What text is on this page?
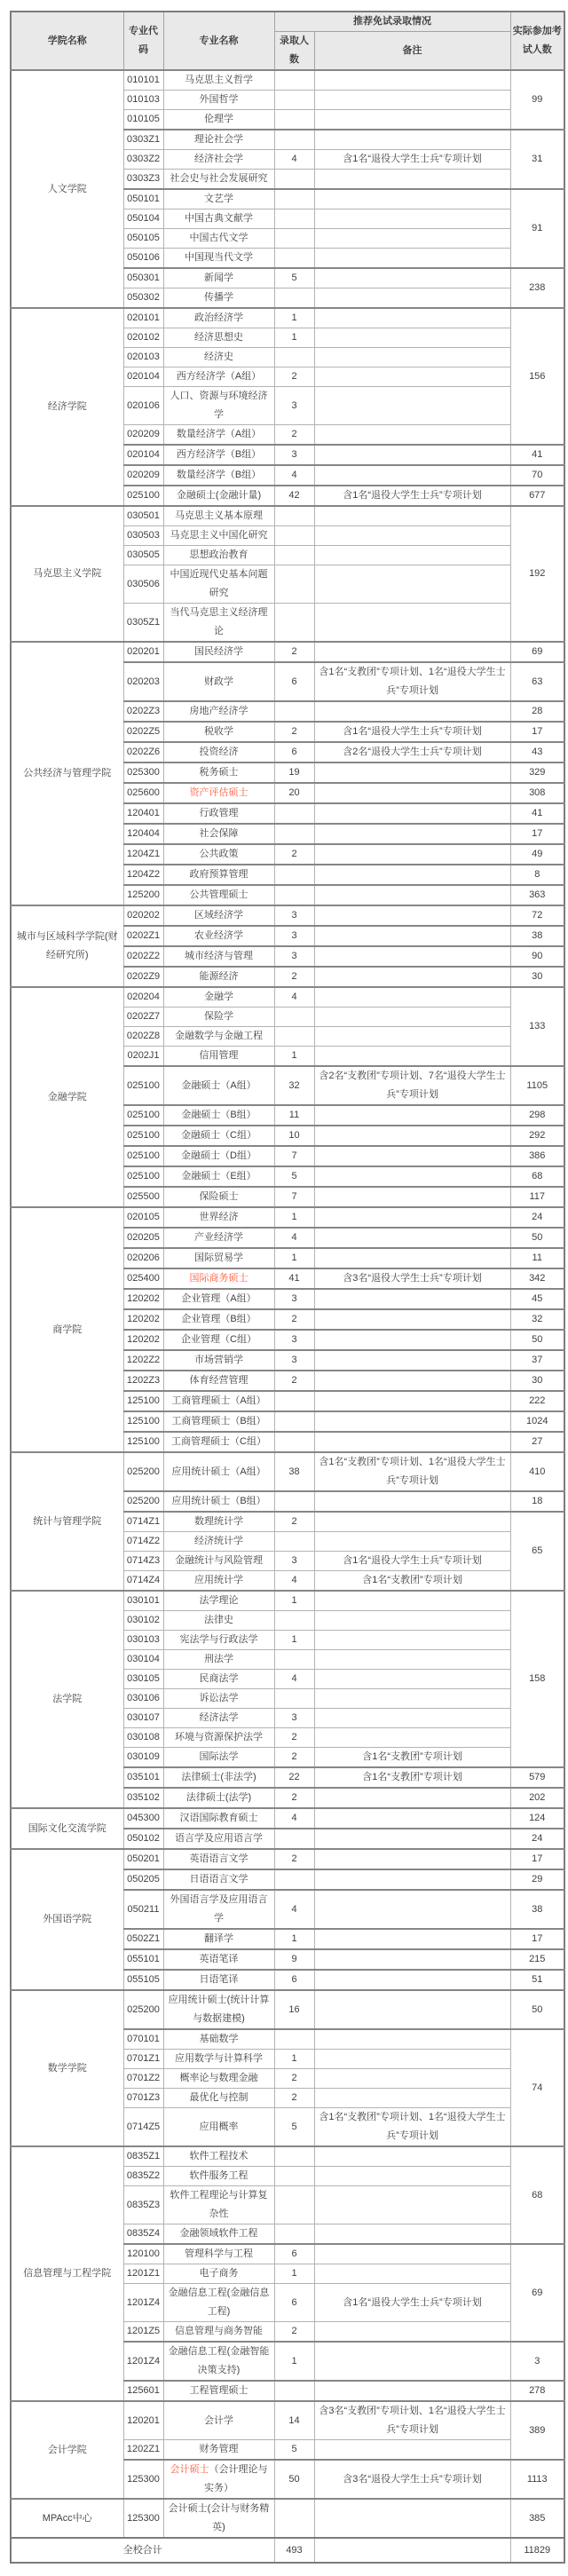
学院名称	专业代码	专业名称	推荐免试录取情况		实际参加考试人数
			录取人数	备注	
人文学院	010101	马克思主义哲学			99
	010103	外国哲学			
	010105	伦理学			
	0303Z1	理论社会学			31
	0303Z2	经济社会学	4	含1名“退役大学生士兵”专项计划	
	0303Z3	社会史与社会发展研究			
	050101	文艺学			91
	050104	中国古典文献学			
	050105	中国古代文学			
	050106	中国现当代文学			
	050301	新闻学	5		238
	050302	传播学			
经济学院	020101	政治经济学	1		156
	020102	经济思想史	1		
	020103	经济史			
	020104	西方经济学（A组）	2		
	020106	人口、资源与环境经济学	3		
	020209	数量经济学（A组）	2		
	020104	西方经济学（B组）	3		41
	020209	数量经济学（B组）	4		70
	025100	金融硕士(金融计量)	42	含1名“退役大学生士兵”专项计划	677
马克思主义学院	030501	马克思主义基本原理			192
	030503	马克思主义中国化研究			
	030505	思想政治教育			
	030506	中国近现代史基本问题研究			
	0305Z1	当代马克思主义经济理论			
公共经济与管理学院	020201	国民经济学	2		69
	020203	财政学	6	含1名“支教团”专项计划、1名“退役大学生士兵”专项计划	63
	0202Z3	房地产经济学			28
	0202Z5	税收学	2	含1名“退役大学生士兵”专项计划	17
	0202Z6	投资经济	6	含2名“退役大学生士兵”专项计划	43
	025300	税务硕士	19		329
	025600	资产评估硕士	20		308
	120401	行政管理			41
	120404	社会保障			17
	1204Z1	公共政策	2		49
	1204Z2	政府预算管理			8
	125200	公共管理硕士			363
城市与区域科学学院(财经研究所)	020202	区域经济学	3		72
	0202Z1	农业经济学	3		38
	0202Z2	城市经济与管理	3		90
	0202Z9	能源经济	2		30
金融学院	020204	金融学	4		133
	0202Z7	保险学			
	0202Z8	金融数学与金融工程			
	0202J1	信用管理	1		
	025100	金融硕士（A组）	32	含2名“支教团”专项计划、7名“退役大学生士兵”专项计划	1105
	025100	金融硕士（B组）	11		298
	025100	金融硕士（C组）	10		292
	025100	金融硕士（D组）	7		386
	025100	金融硕士（E组）	5		68
	025500	保险硕士	7		117
商学院	020105	世界经济	1		24
	020205	产业经济学	4		50
	020206	国际贸易学	1		11
	025400	国际商务硕士	41	含3名“退役大学生士兵”专项计划	342
	120202	企业管理（A组）	3		45
	120202	企业管理（B组）	2		32
	120202	企业管理（C组）	3		50
	1202Z2	市场营销学	3		37
	1202Z3	体育经营管理	2		30
	125100	工商管理硕士（A组）			222
	125100	工商管理硕士（B组）			1024
	125100	工商管理硕士（C组）			27
统计与管理学院	025200	应用统计硕士（A组）	38	含1名“支教团”专项计划、1名“退役大学生士兵”专项计划	410
	025200	应用统计硕士（B组）			18
	0714Z1	数理统计学	2		65
	0714Z2	经济统计学			
	0714Z3	金融统计与风险管理	3	含1名“退役大学生士兵”专项计划	
	0714Z4	应用统计学	4	含1名“支教团”专项计划	
法学院	030101	法学理论	1		158
	030102	法律史			
	030103	宪法学与行政法学	1		
	030104	刑法学			
	030105	民商法学	4		
	030106	诉讼法学			
	030107	经济法学	3		
	030108	环境与资源保护法学	2		
	030109	国际法学	2	含1名“支教团”专项计划	
	035101	法律硕士(非法学)	22	含1名“支教团”专项计划	579
	035102	法律硕士(法学)	2		202
国际文化交流学院	045300	汉语国际教育硕士	4		124
	050102	语言学及应用语言学			24
外国语学院	050201	英语语言文学	2		17
	050205	日语语言文学			29
	050211	外国语言学及应用语言学	4		38
	0502Z1	翻译学	1		17
	055101	英语笔译	9		215
	055105	日语笔译	6		51
数学学院	025200	应用统计硕士(统计计算与数据建模)	16		50
	070101	基础数学			74
	0701Z1	应用数学与计算科学	1		
	0701Z2	概率论与数理金融	2		
	0701Z3	最优化与控制	2		
	0714Z5	应用概率	5	含1名“支教团”专项计划、1名“退役大学生士兵”专项计划	
信息管理与工程学院	0835Z1	软件工程技术			68
	0835Z2	软件服务工程			
	0835Z3	软件工程理论与计算复杂性			
	0835Z4	金融领域软件工程			
	120100	管理科学与工程	6		69
	1201Z1	电子商务	1		
	1201Z4	金融信息工程(金融信息工程)	6	含1名“退役大学生士兵”专项计划	
	1201Z5	信息管理与商务智能	2		
	1201Z4	金融信息工程(金融智能决策支持)	1		3
	125601	工程管理硕士			278
会计学院	120201	会计学	14	含3名“支教团”专项计划、1名“退役大学生士兵”专项计划	389
	1202Z1	财务管理	5		
	125300	会计硕士（会计理论与实务）	50	含3名“退役大学生士兵”专项计划	1113
MPAcc中心	125300	会计硕士(会计与财务精英)			385
全校合计			493		11829
